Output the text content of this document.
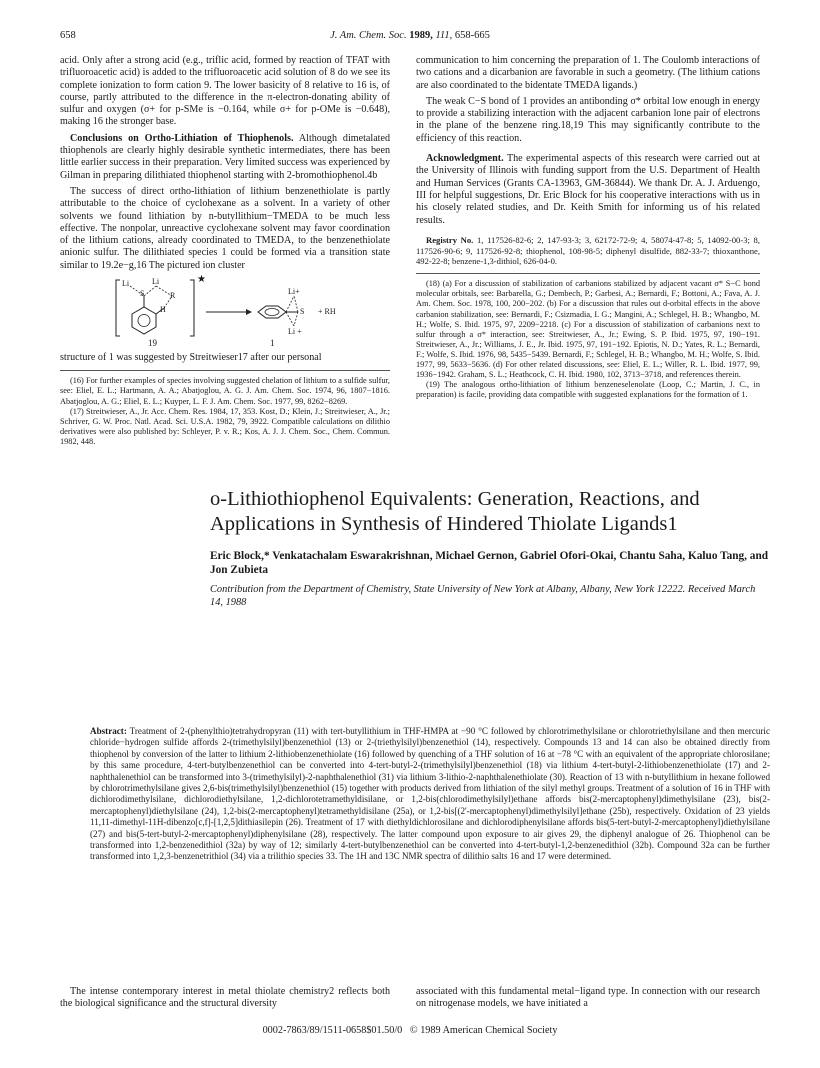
658	J. Am. Chem. Soc. 1989, 111, 658-665

acid. Only after a strong acid (e.g., triflic acid, formed by reaction of TFAT with trifluoroacetic acid) is added to the trifluoroacetic acid solution of 8 do we see its complete ionization to form cation 9. The lower basicity of 8 relative to 16 is, of course, partly attributed to the difference in the π-electron-donating ability of sulfur and oxygen (σ+ for p-SMe is −0.164, while σ+ for p-OMe is −0.648), making 16 the stronger base.

Conclusions on Ortho-Lithiation of Thiophenols. Although dimetalated thiophenols are clearly highly desirable synthetic intermediates, there has been little earlier success in their preparation. Very limited success was experienced by Gilman in preparing dilithiated thiophenol starting with 2-bromothiophenol.4b

The success of direct ortho-lithiation of lithium benzenethiolate is partly attributable to the choice of cyclohexane as a solvent. In a variety of other solvents we found lithiation by n-butyllithium−TMEDA to be much less effective. The nonpolar, unreactive cyclohexane solvent may favor coordination of the lithium cations, already coordinated to TMEDA, to the benzenethiolate anionic sulfur. The dilithiated species 1 could be formed via a transition state similar to 19.2e−g,16 The pictured ion cluster

Li	Li
S	R
H
★
Li+
S + RH
Li +
19	1

structure of 1 was suggested by Streitwieser17 after our personal

(16) For further examples of species involving suggested chelation of lithium to a sulfide sulfur, see: Eliel, E. L.; Hartmann, A. A.; Abatjoglou, A. G. J. Am. Chem. Soc. 1974, 96, 1807−1816. Abatjoglou, A. G.; Eliel, E. L.; Kuyper, L. F. J. Am. Chem. Soc. 1977, 99, 8262−8269.

(17) Streitwieser, A., Jr. Acc. Chem. Res. 1984, 17, 353. Kost, D.; Klein, J.; Streitwieser, A., Jr.; Schriver, G. W. Proc. Natl. Acad. Sci. U.S.A. 1982, 79, 3922. Compatible calculations on dilithio derivatives were also published by: Schleyer, P. v. R.; Kos, A. J. J. Chem. Soc., Chem. Commun. 1982, 448.

communication to him concerning the preparation of 1. The Coulomb interactions of two cations and a dicarbanion are favorable in such a geometry. (The lithium cations are also coordinated to the bidentate TMEDA ligands.)

The weak C−S bond of 1 provides an antibonding σ* orbital low enough in energy to provide a stabilizing interaction with the adjacent carbanion lone pair of electrons in the plane of the benzene ring.18,19 This may significantly contribute to the efficiency of this reaction.

Acknowledgment. The experimental aspects of this research were carried out at the University of Illinois with funding support from the U.S. Department of Health and Human Services (Grants CA-13963, GM-36844). We thank Dr. A. J. Arduengo, III for helpful suggestions, Dr. Eric Block for his cooperative interactions with us in his closely related studies, and Dr. Keith Smith for informing us of his related results.

Registry No. 1, 117526-82-6; 2, 147-93-3; 3, 62172-72-9; 4, 58074-47-8; 5, 14092-00-3; 8, 117526-90-6; 9, 117526-92-8; thiophenol, 108-98-5; diphenyl disulfide, 882-33-7; thioxanthone, 492-22-8; benzene-1,3-dithiol, 626-04-0.

(18) (a) For a discussion of stabilization of carbanions stabilized by adjacent vacant σ* S−C bond molecular orbitals, see: Barbarella, G.; Dembech, P.; Garbesi, A.; Bernardi, F.; Bottoni, A.; Fava, A. J. Am. Chem. Soc. 1978, 100, 200−202. (b) For a discussion that rules out d-orbital effects in the above carbanion stabilization, see: Bernardi, F.; Csizmadia, I. G.; Mangini, A.; Schlegel, H. B.; Whangbo, M. H.; Wolfe, S. Ibid. 1975, 97, 2209−2218. (c) For a discussion of stabilization of carbanions next to sulfur through a σ* interaction, see: Streitwieser, A., Jr.; Ewing, S. P. Ibid. 1975, 97, 190−191. Streitwieser, A., Jr.; Williams, J. E., Jr. Ibid. 1975, 97, 191−192. Epiotis, N. D.; Yates, R. L.; Bernardi, F.; Wolfe, S. Ibid. 1976, 98, 5435−5439. Bernardi, F.; Schlegel, H. B.; Whangbo, M. H.; Wolfe, S. Ibid. 1977, 99, 5633−5636. (d) For other related discussions, see: Eliel, E. L.; Willer, R. L. Ibid. 1977, 99, 1936−1942. Graham, S. L.; Heathcock, C. H. Ibid. 1980, 102, 3713−3718, and references therein.

(19) The analogous ortho-lithiation of lithium benzeneselenolate (Loop, C.; Martin, J. C., in preparation) is facile, providing data compatible with suggested explanations for the formation of 1.

o-Lithiothiophenol Equivalents: Generation, Reactions, and Applications in Synthesis of Hindered Thiolate Ligands1
Eric Block,* Venkatachalam Eswarakrishnan, Michael Gernon, Gabriel Ofori-Okai, Chantu Saha, Kaluo Tang, and Jon Zubieta
Contribution from the Department of Chemistry, State University of New York at Albany, Albany, New York 12222. Received March 14, 1988
Abstract: Treatment of 2-(phenylthio)tetrahydropyran (11) with tert-butyllithium in THF-HMPA at −90 °C followed by chlorotrimethylsilane or chlorotriethylsilane and then mercuric chloride−hydrogen sulfide affords 2-(trimethylsilyl)benzenethiol (13) or 2-(triethylsilyl)benzenethiol (14), respectively. Compounds 13 and 14 can also be obtained directly from thiophenol by conversion of the latter to lithium 2-lithiobenzenethiolate (16) followed by quenching of a THF solution of 16 at −78 °C with an equivalent of the appropriate chlorosilane; by this same procedure, 4-tert-butylbenzenethiol can be converted into 4-tert-butyl-2-(trimethylsilyl)benzenethiol (18) via lithium 4-tert-butyl-2-lithiobenzenethiolate (17) and 2-naphthalenethiol can be transformed into 3-(trimethylsilyl)-2-naphthalenethiol (31) via lithium 3-lithio-2-naphthalenethiolate (30). Reaction of 13 with n-butyllithium in hexane followed by chlorotrimethylsilane gives 2,6-bis(trimethylsilyl)benzenethiol (15) together with products derived from lithiation of the silyl methyl groups. Treatment of a solution of 16 in THF with dichlorodimethylsilane, dichlorodiethylsilane, 1,2-dichlorotetramethyldisilane, or 1,2-bis(chlorodimethylsilyl)ethane affords bis(2-mercaptophenyl)dimethylsilane (23), bis(2-mercaptophenyl)diethylsilane (24), 1,2-bis(2-mercaptophenyl)tetramethyldisilane (25a), or 1,2-bis[(2'-mercaptophenyl)dimethylsilyl]ethane (25b), respectively. Oxidation of 23 yields 11,11-dimethyl-11H-dibenzo[c,f]-[1,2,5]dithiasilepin (26). Treatment of 17 with diethyldichlorosilane and dichlorodiphenylsilane affords bis(5-tert-butyl-2-mercaptophenyl)diethylsilane (27) and bis(5-tert-butyl-2-mercaptophenyl)diphenylsilane (28), respectively. The latter compound upon exposure to air gives 29, the diphenyl analogue of 26. Thiophenol can be transformed into 1,2-benzenedithiol (32a) by way of 12; similarly 4-tert-butylbenzenethiol can be converted into 4-tert-butyl-1,2-benzenedithiol (32b). Compound 32a can be further transformed into 1,2,3-benzenetrithiol (34) via a trilithio species 33. The 1H and 13C NMR spectra of dilithio salts 16 and 17 were determined.

The intense contemporary interest in metal thiolate chemistry2 reflects both the biological significance and the structural diversity

associated with this fundamental metal−ligand type. In connection with our research on nitrogenase models, we have initiated a

0002-7863/89/1511-0658$01.50/0 © 1989 American Chemical Society
